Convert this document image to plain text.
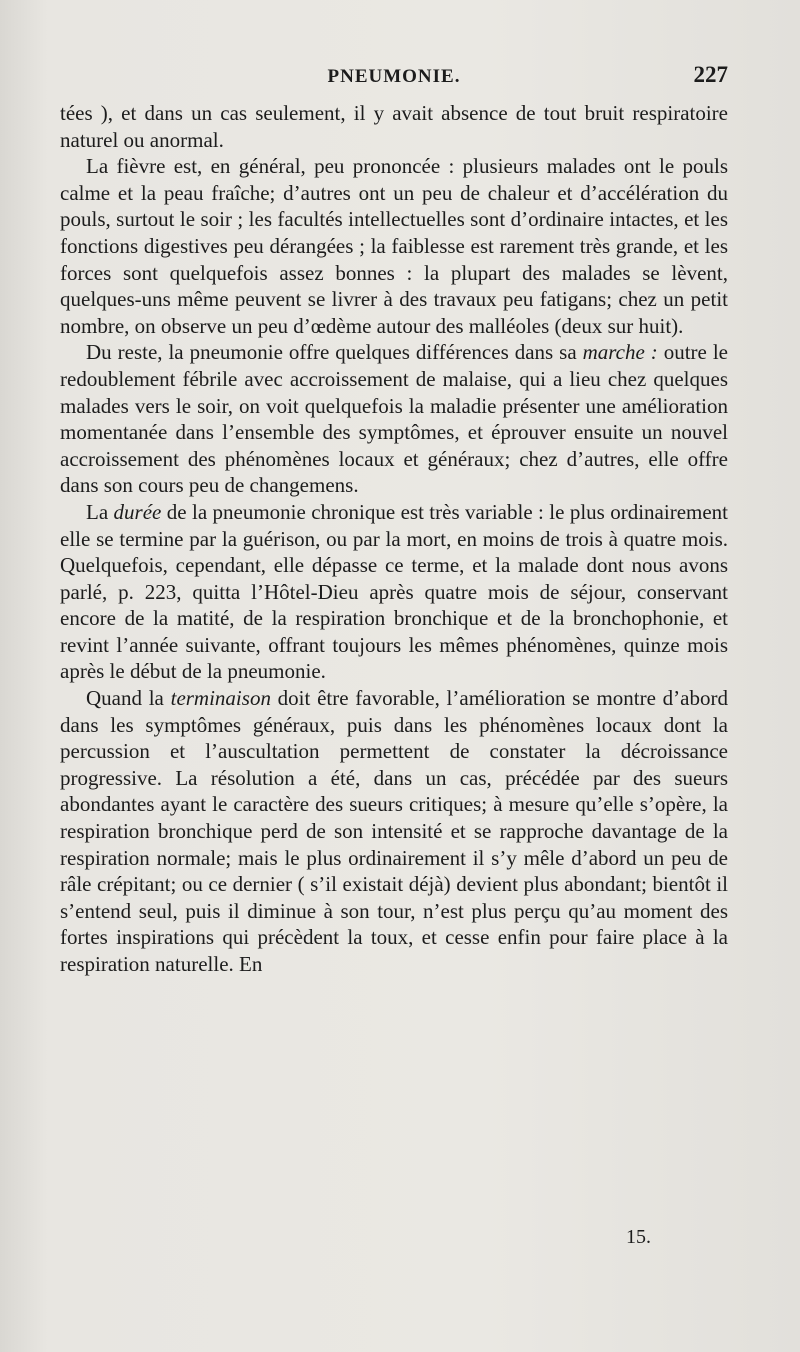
PNEUMONIE.	227

tées ), et dans un cas seulement, il y avait absence de tout bruit respiratoire naturel ou anormal.

La fièvre est, en général, peu prononcée : plusieurs malades ont le pouls calme et la peau fraîche; d’autres ont un peu de chaleur et d’accélération du pouls, surtout le soir ; les facultés intellectuelles sont d’ordinaire intactes, et les fonctions digestives peu dérangées ; la faiblesse est rarement très grande, et les forces sont quelquefois assez bonnes : la plupart des malades se lèvent, quelques-uns même peuvent se livrer à des travaux peu fatigans; chez un petit nombre, on observe un peu d’œdème autour des malléoles (deux sur huit).

Du reste, la pneumonie offre quelques différences dans sa marche : outre le redoublement fébrile avec accroissement de malaise, qui a lieu chez quelques malades vers le soir, on voit quelquefois la maladie présenter une amélioration momentanée dans l’ensemble des symptômes, et éprouver ensuite un nouvel accroissement des phénomènes locaux et généraux; chez d’autres, elle offre dans son cours peu de changemens.

La durée de la pneumonie chronique est très variable : le plus ordinairement elle se termine par la guérison, ou par la mort, en moins de trois à quatre mois. Quelquefois, cependant, elle dépasse ce terme, et la malade dont nous avons parlé, p. 223, quitta l’Hôtel-Dieu après quatre mois de séjour, conservant encore de la matité, de la respiration bronchique et de la bronchophonie, et revint l’année suivante, offrant toujours les mêmes phénomènes, quinze mois après le début de la pneumonie.

Quand la terminaison doit être favorable, l’amélioration se montre d’abord dans les symptômes généraux, puis dans les phénomènes locaux dont la percussion et l’auscultation permettent de constater la décroissance progressive. La résolution a été, dans un cas, précédée par des sueurs abondantes ayant le caractère des sueurs critiques; à mesure qu’elle s’opère, la respiration bronchique perd de son intensité et se rapproche davantage de la respiration normale; mais le plus ordinairement il s’y mêle d’abord un peu de râle crépitant; ou ce dernier ( s’il existait déjà) devient plus abondant; bientôt il s’entend seul, puis il diminue à son tour, n’est plus perçu qu’au moment des fortes inspirations qui précèdent la toux, et cesse enfin pour faire place à la respiration naturelle. En

15.
